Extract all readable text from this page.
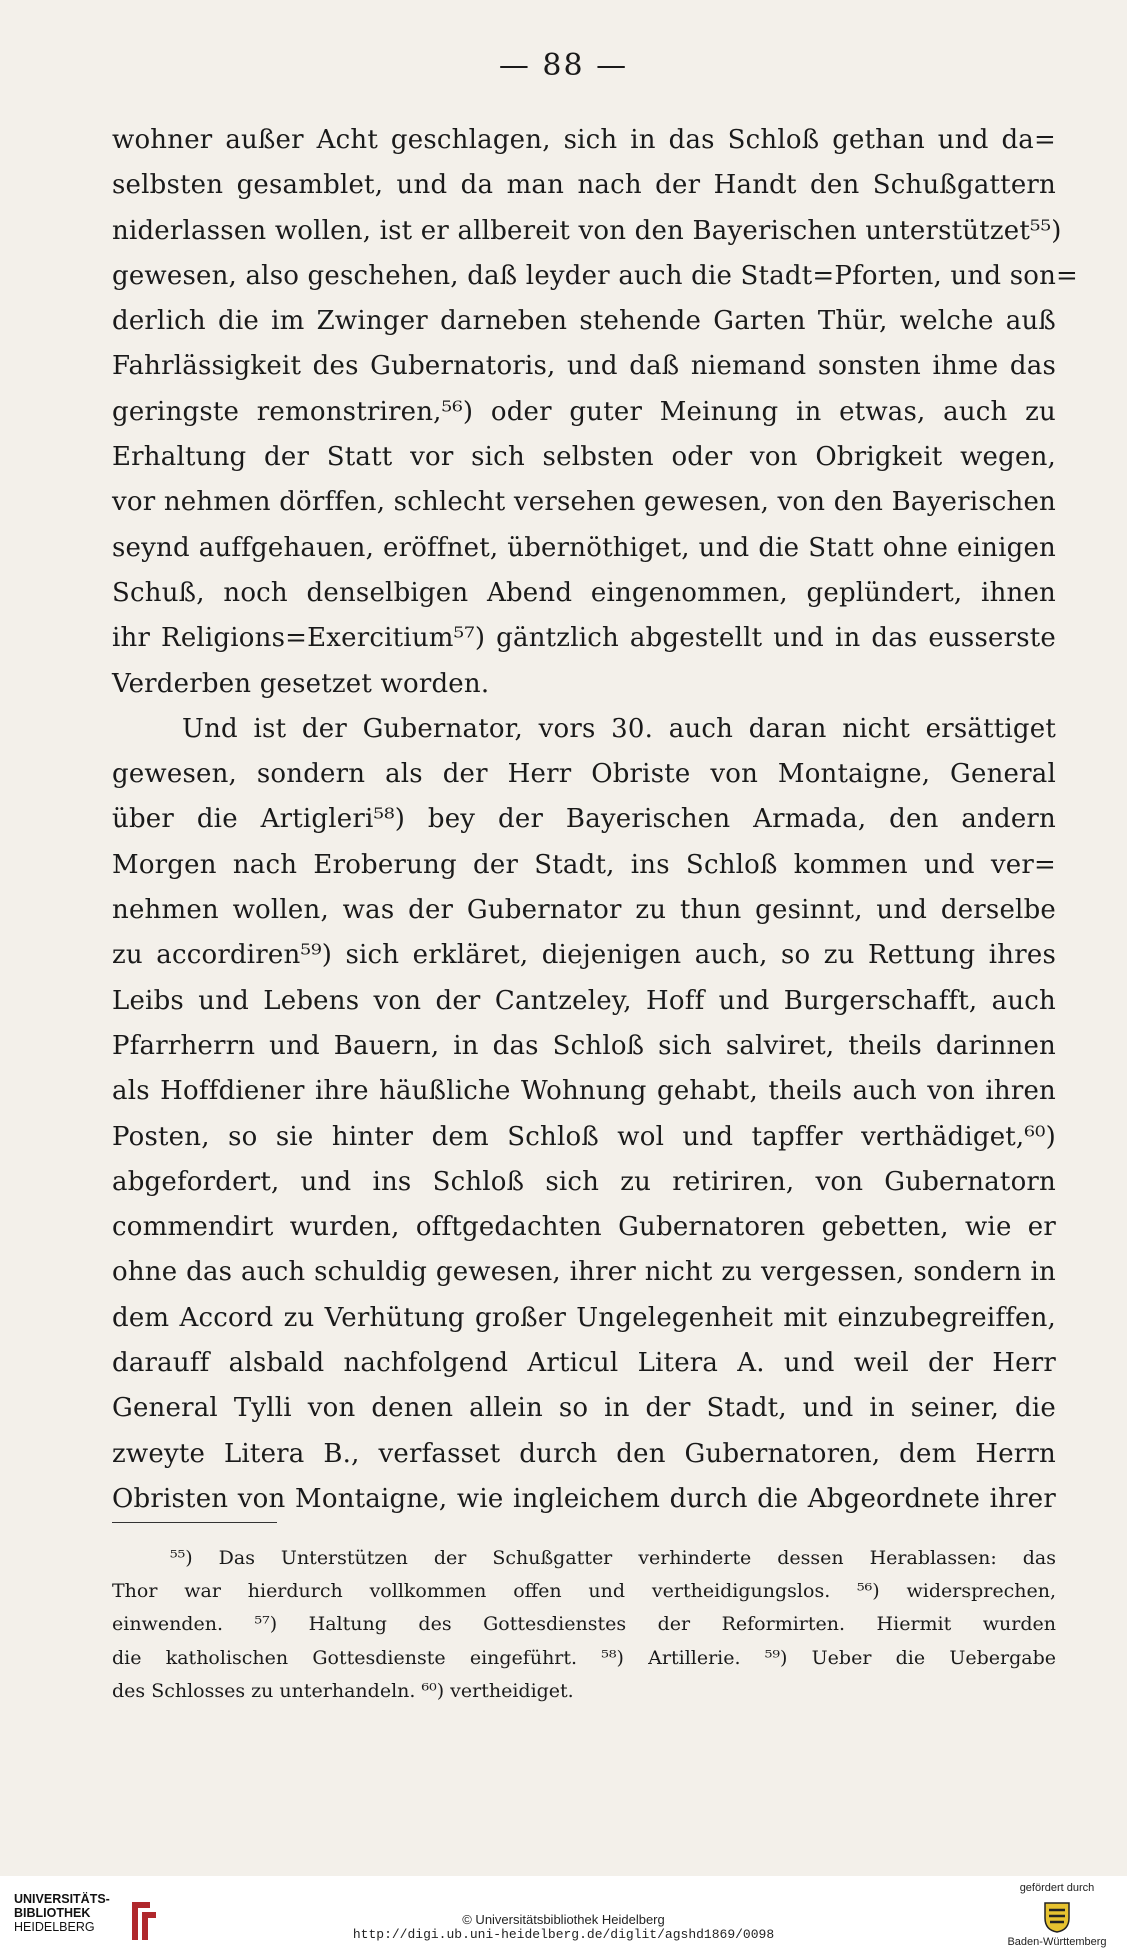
— 88 —
wohner außer Acht geschlagen, sich in das Schloß gethan und da=
selbsten gesamblet, und da man nach der Handt den Schußgattern
niderlassen wollen, ist er allbereit von den Bayerischen unterstützet⁵⁵)
gewesen, also geschehen, daß leyder auch die Stadt=Pforten, und son=
derlich die im Zwinger darneben stehende Garten Thür, welche auß
Fahrlässigkeit des Gubernatoris, und daß niemand sonsten ihme das
geringste remonstriren,⁵⁶) oder guter Meinung in etwas, auch zu
Erhaltung der Statt vor sich selbsten oder von Obrigkeit wegen,
vor nehmen dörffen, schlecht versehen gewesen, von den Bayerischen
seynd auffgehauen, eröffnet, übernöthiget, und die Statt ohne einigen
Schuß, noch denselbigen Abend eingenommen, geplündert, ihnen
ihr Religions=Exercitium⁵⁷) gäntzlich abgestellt und in das eusserste
Verderben gesetzet worden.
Und ist der Gubernator, vors 30. auch daran nicht ersättiget
gewesen, sondern als der Herr Obriste von Montaigne, General
über die Artigleri⁵⁸) bey der Bayerischen Armada, den andern
Morgen nach Eroberung der Stadt, ins Schloß kommen und ver=
nehmen wollen, was der Gubernator zu thun gesinnt, und derselbe
zu accordiren⁵⁹) sich erkläret, diejenigen auch, so zu Rettung ihres
Leibs und Lebens von der Cantzeley, Hoff und Burgerschafft, auch
Pfarrherrn und Bauern, in das Schloß sich salviret, theils darinnen
als Hoffdiener ihre häußliche Wohnung gehabt, theils auch von ihren
Posten, so sie hinter dem Schloß wol und tapffer verthädiget,⁶⁰)
abgefordert, und ins Schloß sich zu retiriren, von Gubernatorn
commendirt wurden, offtgedachten Gubernatoren gebetten, wie er
ohne das auch schuldig gewesen, ihrer nicht zu vergessen, sondern in
dem Accord zu Verhütung großer Ungelegenheit mit einzubegreiffen,
darauff alsbald nachfolgend Articul Litera A. und weil der Herr
General Tylli von denen allein so in der Stadt, und in seiner, die
zweyte Litera B., verfasset durch den Gubernatoren, dem Herrn
Obristen von Montaigne, wie ingleichem durch die Abgeordnete ihrer
⁵⁵) Das Unterstützen der Schußgatter verhinderte dessen Herablassen: das
Thor war hierdurch vollkommen offen und vertheidigungslos. ⁵⁶) widersprechen,
einwenden. ⁵⁷) Haltung des Gottesdienstes der Reformirten. Hiermit wurden
die katholischen Gottesdienste eingeführt. ⁵⁸) Artillerie. ⁵⁹) Ueber die Uebergabe
des Schlosses zu unterhandeln. ⁶⁰) vertheidiget.
UNIVERSITÄTS-
BIBLIOTHEK
HEIDELBERG	© Universitätsbibliothek Heidelberg
http://digi.ub.uni-heidelberg.de/diglit/agshd1869/0098
gefördert durch
Baden-Württemberg
